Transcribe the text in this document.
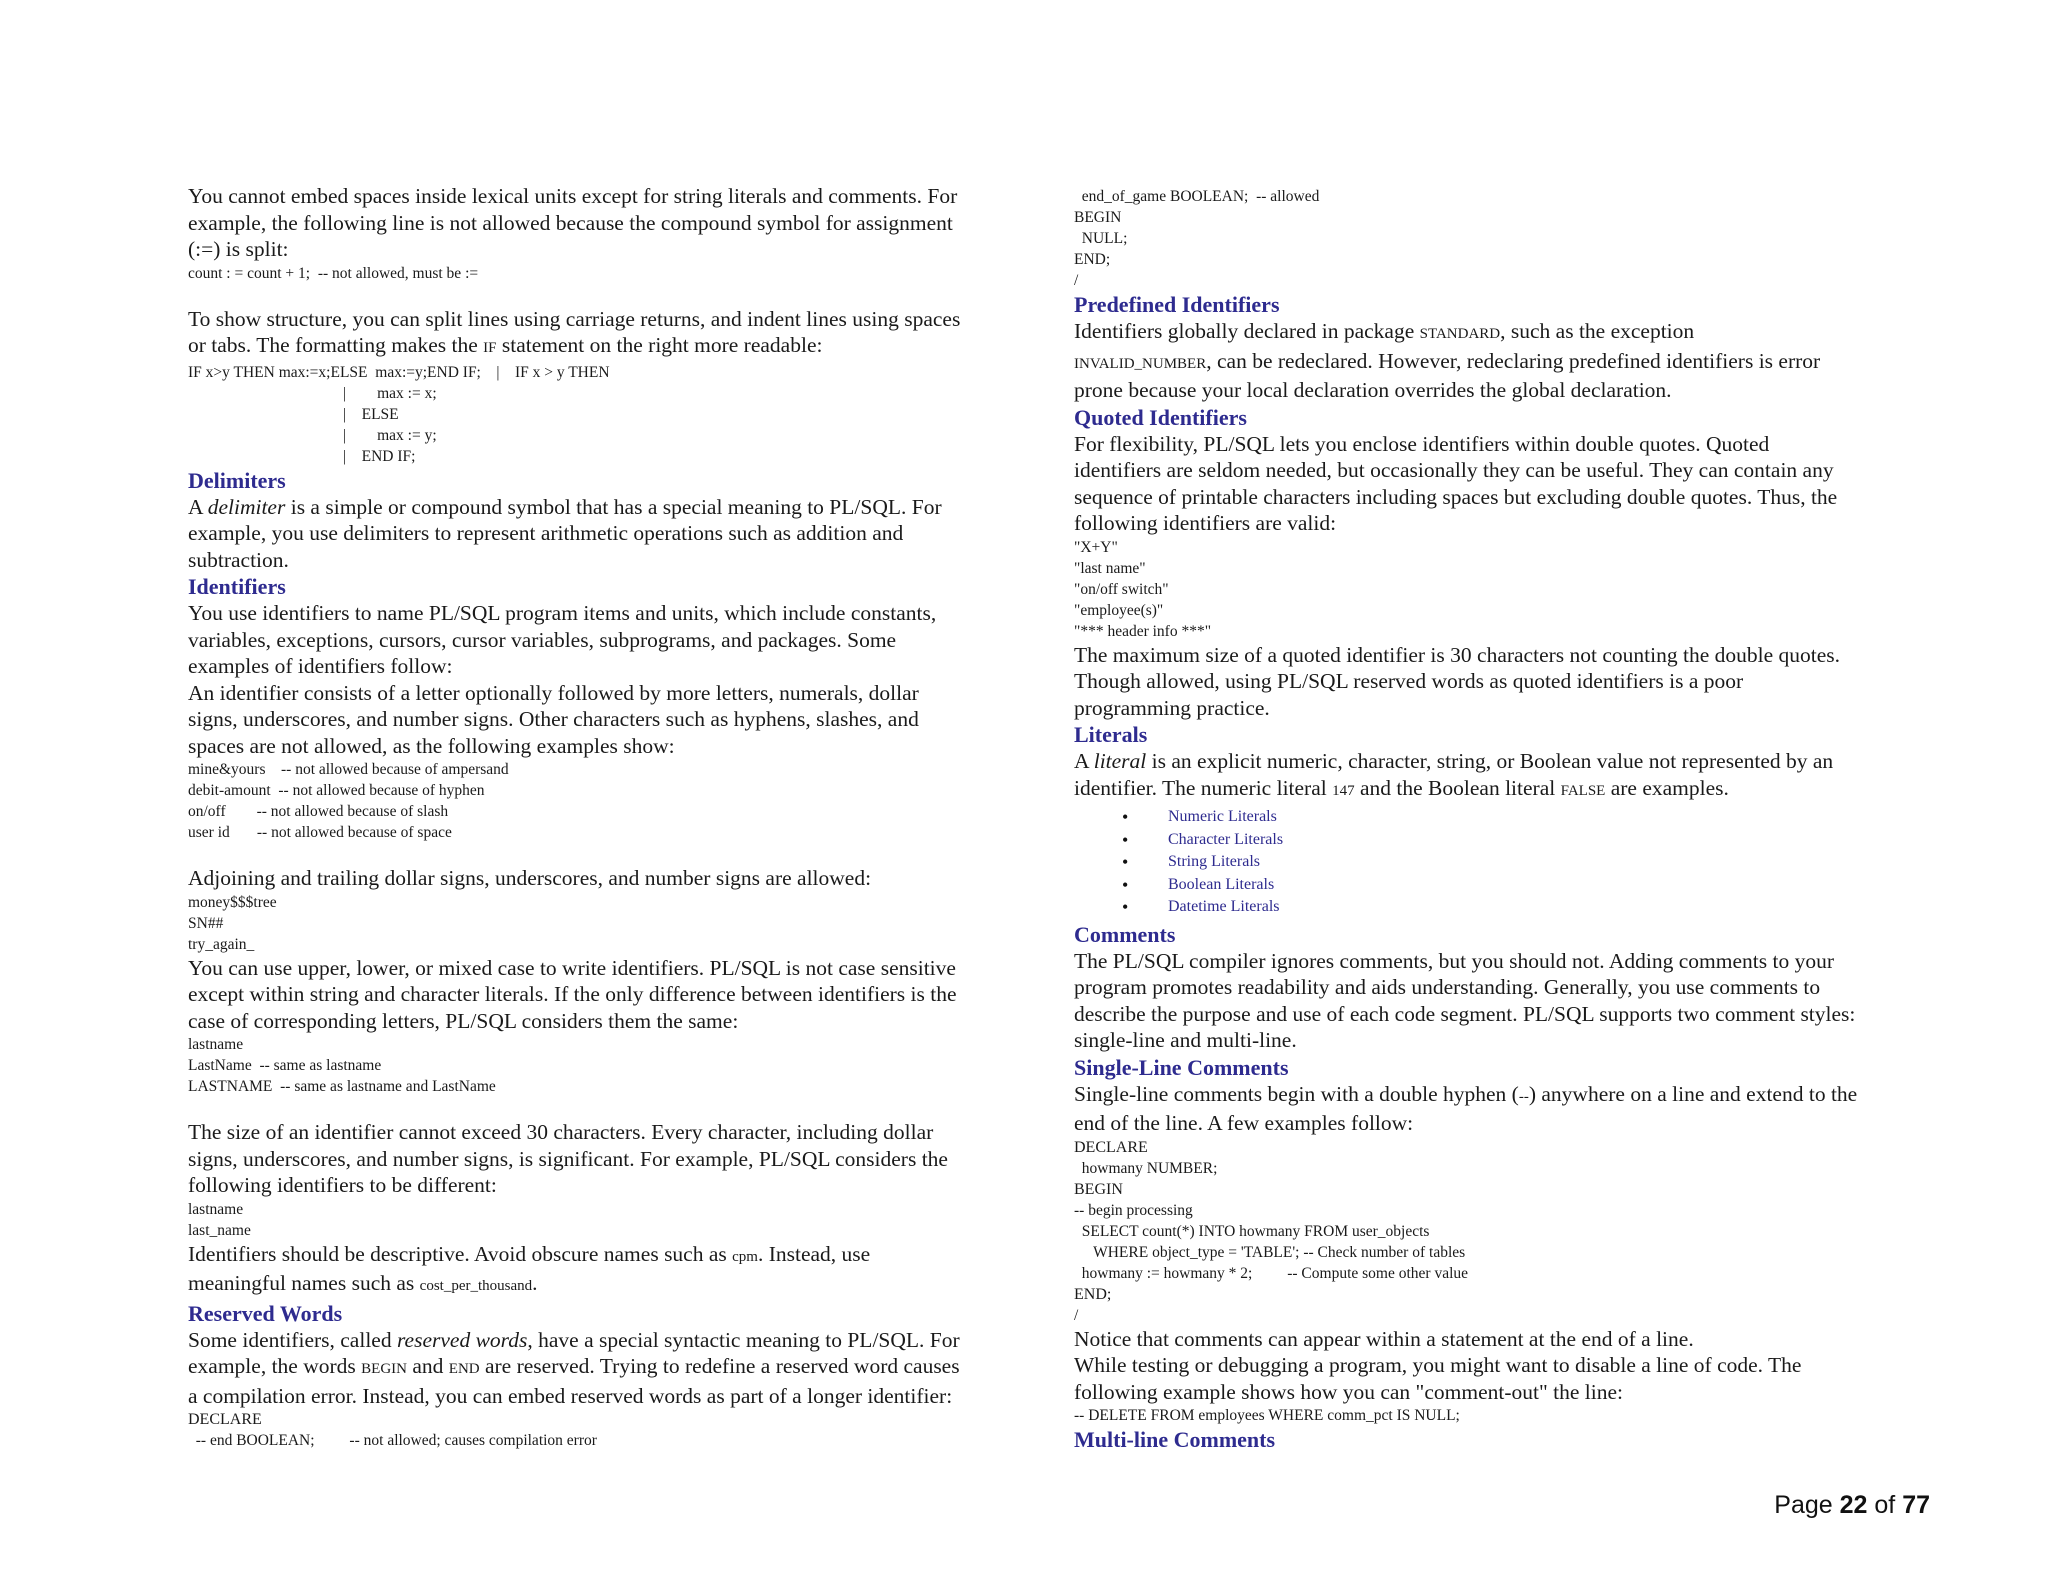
You cannot embed spaces inside lexical units except for string literals and comments. For

example, the following line is not allowed because the compound symbol for assignment

(:=) is split:

count : = count + 1;  -- not allowed, must be :=

To show structure, you can split lines using carriage returns, and indent lines using spaces

or tabs. The formatting makes the IF statement on the right more readable:

IF x>y THEN max:=x;ELSE  max:=y;END IF;    |    IF x > y THEN

|        max := x;

|    ELSE

|        max := y;

|    END IF;

Delimiters

A delimiter is a simple or compound symbol that has a special meaning to PL/SQL. For

example, you use delimiters to represent arithmetic operations such as addition and

subtraction.

Identifiers

You use identifiers to name PL/SQL program items and units, which include constants,

variables, exceptions, cursors, cursor variables, subprograms, and packages. Some

examples of identifiers follow:

An identifier consists of a letter optionally followed by more letters, numerals, dollar

signs, underscores, and number signs. Other characters such as hyphens, slashes, and

spaces are not allowed, as the following examples show:

mine&yours    -- not allowed because of ampersand

debit-amount  -- not allowed because of hyphen

on/off        -- not allowed because of slash

user id       -- not allowed because of space

Adjoining and trailing dollar signs, underscores, and number signs are allowed:

money$$$tree

SN##

try_again_

You can use upper, lower, or mixed case to write identifiers. PL/SQL is not case sensitive

except within string and character literals. If the only difference between identifiers is the

case of corresponding letters, PL/SQL considers them the same:

lastname

LastName  -- same as lastname

LASTNAME  -- same as lastname and LastName

The size of an identifier cannot exceed 30 characters. Every character, including dollar

signs, underscores, and number signs, is significant. For example, PL/SQL considers the

following identifiers to be different:

lastname

last_name

Identifiers should be descriptive. Avoid obscure names such as cpm. Instead, use

meaningful names such as cost_per_thousand.

Reserved Words

Some identifiers, called reserved words, have a special syntactic meaning to PL/SQL. For

example, the words BEGIN and END are reserved. Trying to redefine a reserved word causes

a compilation error. Instead, you can embed reserved words as part of a longer identifier:

DECLARE

-- end BOOLEAN;         -- not allowed; causes compilation error

end_of_game BOOLEAN;  -- allowed

BEGIN

NULL;

END;

/

Predefined Identifiers

Identifiers globally declared in package STANDARD, such as the exception

INVALID_NUMBER, can be redeclared. However, redeclaring predefined identifiers is error

prone because your local declaration overrides the global declaration.

Quoted Identifiers

For flexibility, PL/SQL lets you enclose identifiers within double quotes. Quoted

identifiers are seldom needed, but occasionally they can be useful. They can contain any

sequence of printable characters including spaces but excluding double quotes. Thus, the

following identifiers are valid:

"X+Y"

"last name"

"on/off switch"

"employee(s)"

"*** header info ***"

The maximum size of a quoted identifier is 30 characters not counting the double quotes.

Though allowed, using PL/SQL reserved words as quoted identifiers is a poor

programming practice.

Literals

A literal is an explicit numeric, character, string, or Boolean value not represented by an

identifier. The numeric literal 147 and the Boolean literal FALSE are examples.

• Numeric Literals
• Character Literals
• String Literals
• Boolean Literals
• Datetime Literals

Comments

The PL/SQL compiler ignores comments, but you should not. Adding comments to your

program promotes readability and aids understanding. Generally, you use comments to

describe the purpose and use of each code segment. PL/SQL supports two comment styles:

single-line and multi-line.

Single-Line Comments

Single-line comments begin with a double hyphen (--) anywhere on a line and extend to the

end of the line. A few examples follow:

DECLARE

howmany NUMBER;

BEGIN

-- begin processing

SELECT count(*) INTO howmany FROM user_objects

WHERE object_type = 'TABLE'; -- Check number of tables

howmany := howmany * 2;         -- Compute some other value

END;

/

Notice that comments can appear within a statement at the end of a line.

While testing or debugging a program, you might want to disable a line of code. The

following example shows how you can "comment-out" the line:

-- DELETE FROM employees WHERE comm_pct IS NULL;

Multi-line Comments

Page 22 of 77
